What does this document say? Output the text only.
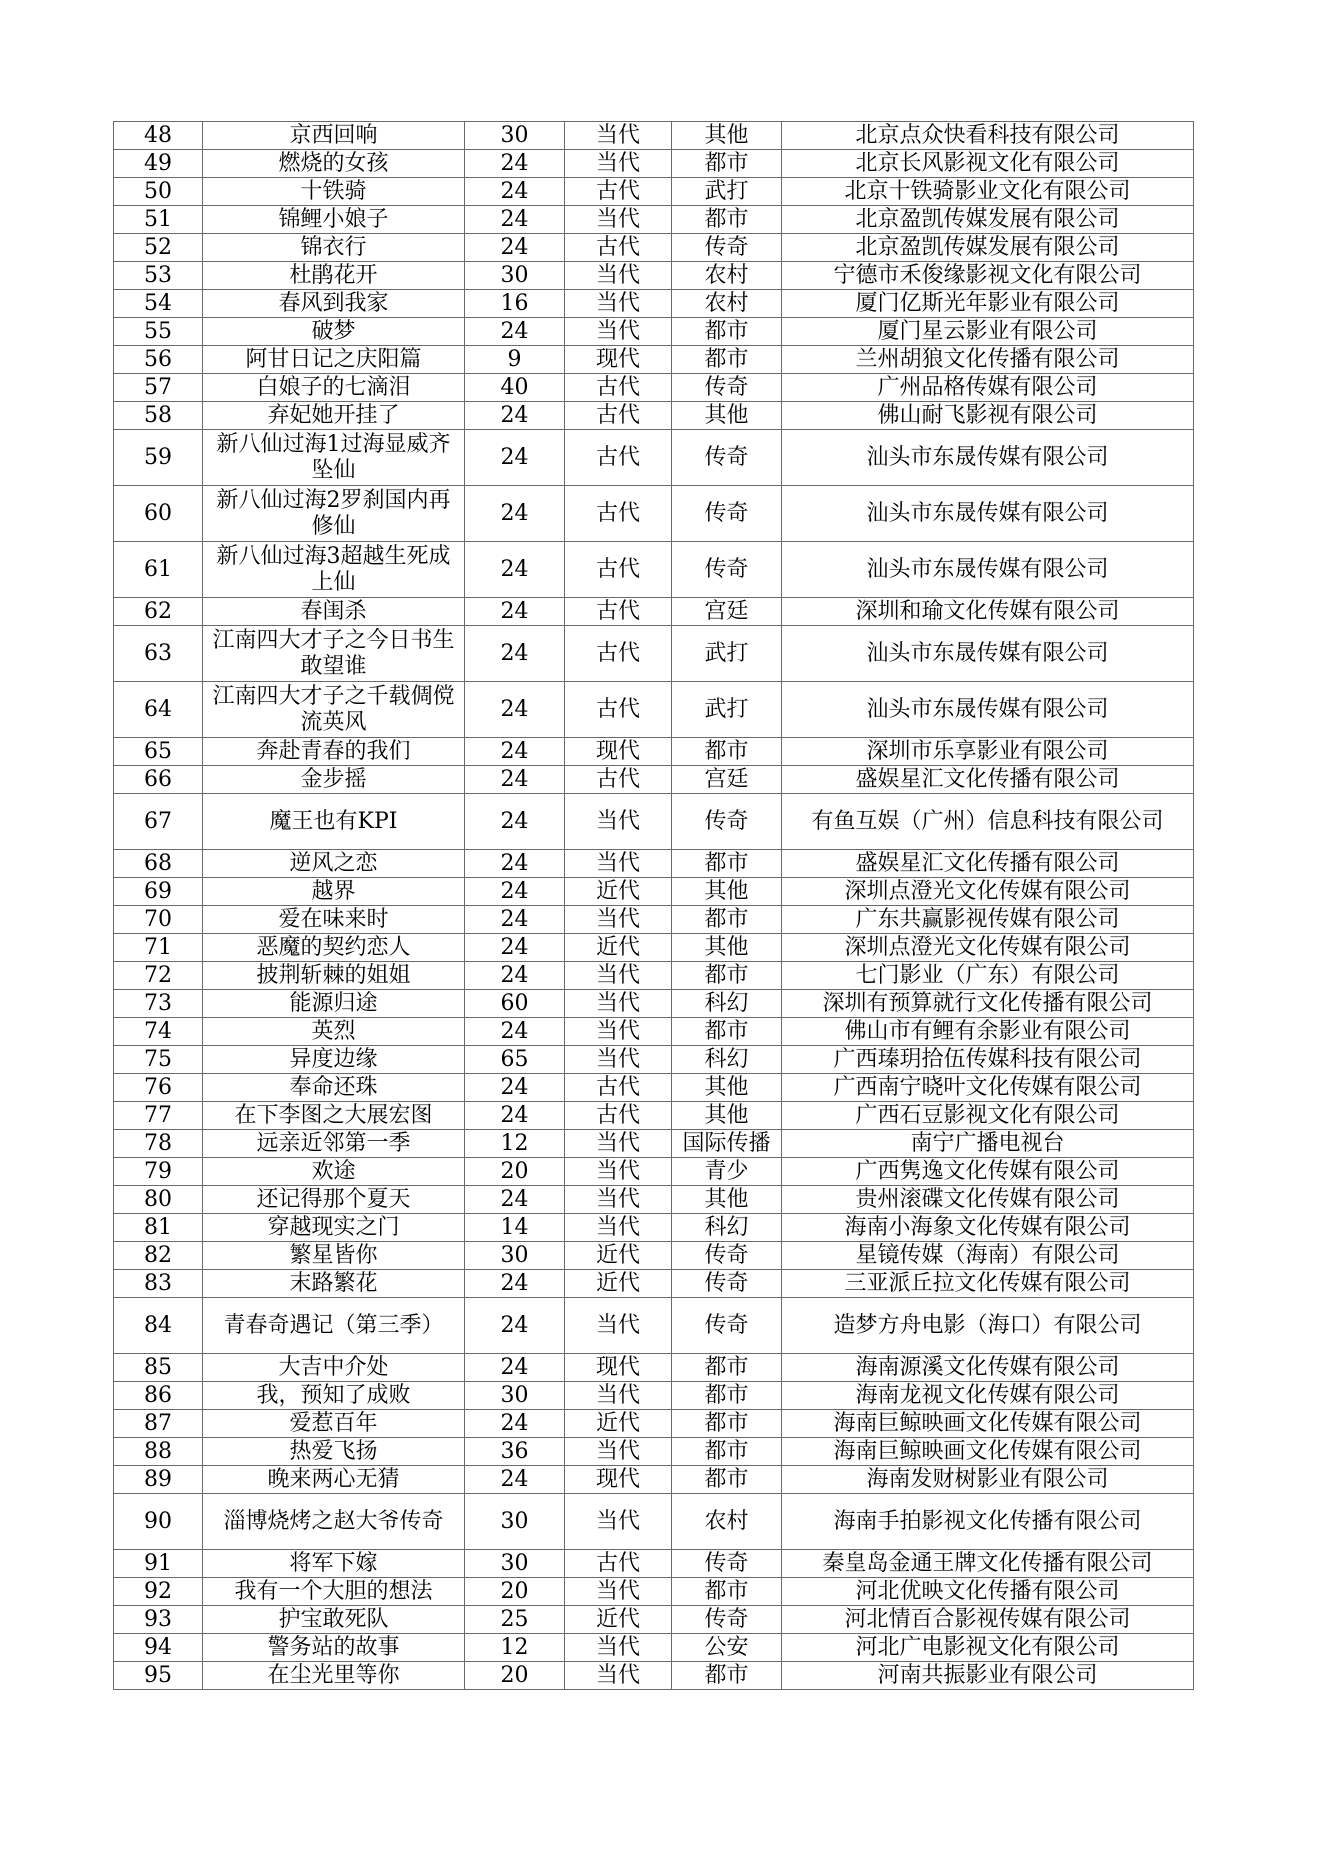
48	京西回响	30	当代	其他	北京点众快看科技有限公司
49	燃烧的女孩	24	当代	都市	北京长风影视文化有限公司
50	十铁骑	24	古代	武打	北京十铁骑影业文化有限公司
51	锦鲤小娘子	24	当代	都市	北京盈凯传媒发展有限公司
52	锦衣行	24	古代	传奇	北京盈凯传媒发展有限公司
53	杜鹃花开	30	当代	农村	宁德市禾俊缘影视文化有限公司
54	春风到我家	16	当代	农村	厦门亿斯光年影业有限公司
55	破梦	24	当代	都市	厦门星云影业有限公司
56	阿甘日记之庆阳篇	9	现代	都市	兰州胡狼文化传播有限公司
57	白娘子的七滴泪	40	古代	传奇	广州品格传媒有限公司
58	弃妃她开挂了	24	古代	其他	佛山耐飞影视有限公司
59	新八仙过海1过海显威齐坠仙	24	古代	传奇	汕头市东晟传媒有限公司
60	新八仙过海2罗刹国内再修仙	24	古代	传奇	汕头市东晟传媒有限公司
61	新八仙过海3超越生死成上仙	24	古代	传奇	汕头市东晟传媒有限公司
62	春闺杀	24	古代	宫廷	深圳和瑜文化传媒有限公司
63	江南四大才子之今日书生敢望谁	24	古代	武打	汕头市东晟传媒有限公司
64	江南四大才子之千载倜傥流英风	24	古代	武打	汕头市东晟传媒有限公司
65	奔赴青春的我们	24	现代	都市	深圳市乐享影业有限公司
66	金步摇	24	古代	宫廷	盛娱星汇文化传播有限公司
67	魔王也有KPI	24	当代	传奇	有鱼互娱（广州）信息科技有限公司
68	逆风之恋	24	当代	都市	盛娱星汇文化传播有限公司
69	越界	24	近代	其他	深圳点澄光文化传媒有限公司
70	爱在味来时	24	当代	都市	广东共赢影视传媒有限公司
71	恶魔的契约恋人	24	近代	其他	深圳点澄光文化传媒有限公司
72	披荆斩棘的姐姐	24	当代	都市	七门影业（广东）有限公司
73	能源归途	60	当代	科幻	深圳有预算就行文化传播有限公司
74	英烈	24	当代	都市	佛山市有鲤有余影业有限公司
75	异度边缘	65	当代	科幻	广西瑧玥拾伍传媒科技有限公司
76	奉命还珠	24	古代	其他	广西南宁晓叶文化传媒有限公司
77	在下李图之大展宏图	24	古代	其他	广西石豆影视文化有限公司
78	远亲近邻第一季	12	当代	国际传播	南宁广播电视台
79	欢途	20	当代	青少	广西隽逸文化传媒有限公司
80	还记得那个夏天	24	当代	其他	贵州滚碟文化传媒有限公司
81	穿越现实之门	14	当代	科幻	海南小海象文化传媒有限公司
82	繁星皆你	30	近代	传奇	星镜传媒（海南）有限公司
83	末路繁花	24	近代	传奇	三亚派丘拉文化传媒有限公司
84	青春奇遇记（第三季）	24	当代	传奇	造梦方舟电影（海口）有限公司
85	大吉中介处	24	现代	都市	海南源溪文化传媒有限公司
86	我，预知了成败	30	当代	都市	海南龙视文化传媒有限公司
87	爱惹百年	24	近代	都市	海南巨鲸映画文化传媒有限公司
88	热爱飞扬	36	当代	都市	海南巨鲸映画文化传媒有限公司
89	晚来两心无猜	24	现代	都市	海南发财树影业有限公司
90	淄博烧烤之赵大爷传奇	30	当代	农村	海南手拍影视文化传播有限公司
91	将军下嫁	30	古代	传奇	秦皇岛金通王牌文化传播有限公司
92	我有一个大胆的想法	20	当代	都市	河北优映文化传播有限公司
93	护宝敢死队	25	近代	传奇	河北情百合影视传媒有限公司
94	警务站的故事	12	当代	公安	河北广电影视文化有限公司
95	在尘光里等你	20	当代	都市	河南共振影业有限公司
